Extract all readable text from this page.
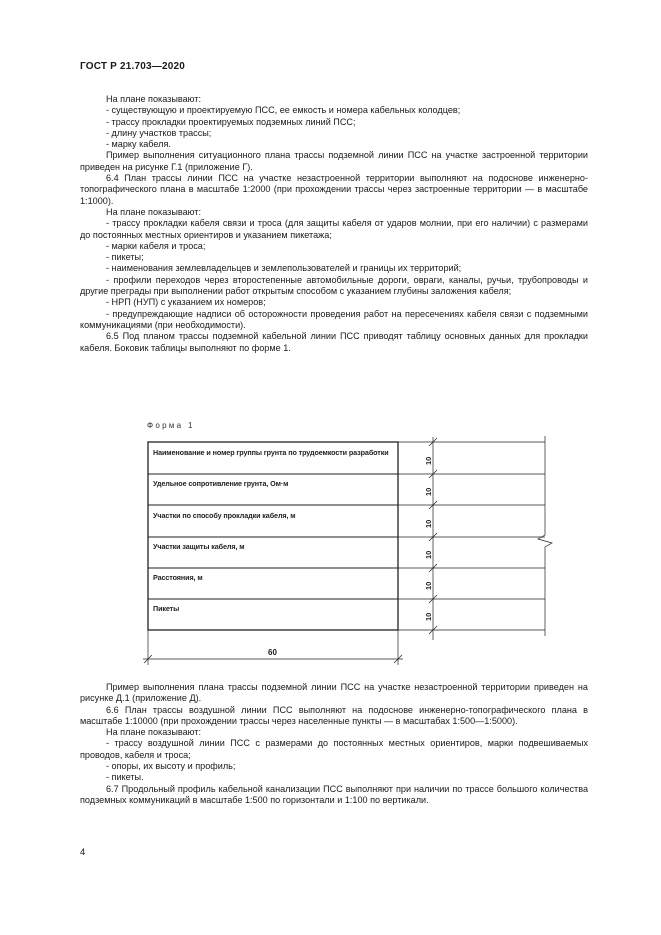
ГОСТ Р 21.703—2020

На плане показывают:

- существующую и проектируемую ПСС, ее емкость и номера кабельных колодцев;

- трассу прокладки проектируемых подземных линий ПСС;

- длину участков трассы;

- марку кабеля.

Пример выполнения ситуационного плана трассы подземной линии ПСС на участке застроенной территории приведен на рисунке Г.1 (приложение Г).

6.4 План трассы линии ПСС на участке незастроенной территории выполняют на подоснове инженерно-топографического плана в масштабе 1:2000 (при прохождении трассы через застроенные территории — в масштабе 1:1000).

На плане показывают:

- трассу прокладки кабеля связи и троса (для защиты кабеля от ударов молнии, при его наличии) с размерами до постоянных местных ориентиров и указанием пикетажа;

- марки кабеля и троса;

- пикеты;

- наименования землевладельцев и землепользователей и границы их территорий;

- профили переходов через второстепенные автомобильные дороги, овраги, каналы, ручьи, трубопроводы и другие преграды при выполнении работ открытым способом с указанием глубины заложения кабеля;

- НРП (НУП) с указанием их номеров;

- предупреждающие надписи об осторожности проведения работ на пересечениях кабеля связи с подземными коммуникациями (при необходимости).

6.5 Под планом трассы подземной кабельной линии ПСС приводят таблицу основных данных для прокладки кабеля. Боковик таблицы выполняют по форме 1.

Форма 1
Наименование и номер группы грунта по трудоемкости разработки
Удельное сопротивление грунта, Ом·м
Участки по способу прокладки кабеля, м
Участки защиты кабеля, м
Расстояния, м
Пикеты
10
10
10
10
10
10
60

Пример выполнения плана трассы подземной линии ПСС на участке незастроенной территории приведен на рисунке Д.1 (приложение Д).

6.6 План трассы воздушной линии ПСС выполняют на подоснове инженерно-топографического плана в масштабе 1:10000 (при прохождении трассы через населенные пункты — в масштабах 1:500—1:5000).

На плане показывают:

- трассу воздушной линии ПСС с размерами до постоянных местных ориентиров, марки подвешиваемых проводов, кабеля и троса;

- опоры, их высоту и профиль;

- пикеты.

6.7 Продольный профиль кабельной канализации ПСС выполняют при наличии по трассе большого количества подземных коммуникаций в масштабе 1:500 по горизонтали и 1:100 по вертикали.

4
